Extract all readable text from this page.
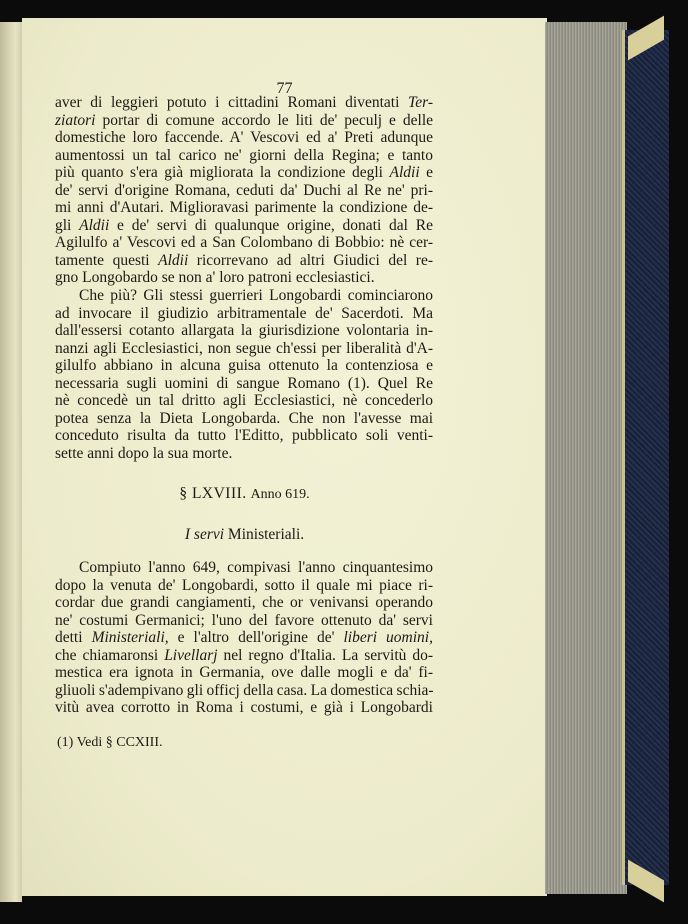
77
aver di leggieri potuto i cittadini Romani diventati Ter-
ziatori portar di comune accordo le liti de' peculj e delle
domestiche loro faccende. A' Vescovi ed a' Preti adunque
aumentossi un tal carico ne' giorni della Regina; e tanto
più quanto s'era già migliorata la condizione degli Aldii e
de' servi d'origine Romana, ceduti da' Duchi al Re ne' pri-
mi anni d'Autari. Miglioravasi parimente la condizione de-
gli Aldii e de' servi di qualunque origine, donati dal Re
Agilulfo a' Vescovi ed a San Colombano di Bobbio: nè cer-
tamente questi Aldii ricorrevano ad altri Giudici del re-
gno Longobardo se non a' loro patroni ecclesiastici.
Che più? Gli stessi guerrieri Longobardi cominciarono
ad invocare il giudizio arbitramentale de' Sacerdoti. Ma
dall'essersi cotanto allargata la giurisdizione volontaria in-
nanzi agli Ecclesiastici, non segue ch'essi per liberalità d'A-
gilulfo abbiano in alcuna guisa ottenuto la contenziosa e
necessaria sugli uomini di sangue Romano (1). Quel Re
nè concedè un tal dritto agli Ecclesiastici, nè concederlo
potea senza la Dieta Longobarda. Che non l'avesse mai
conceduto risulta da tutto l'Editto, pubblicato soli venti-
sette anni dopo la sua morte.
§ LXVIII. Anno 619.
I servi Ministeriali.
Compiuto l'anno 649, compivasi l'anno cinquantesimo
dopo la venuta de' Longobardi, sotto il quale mi piace ri-
cordar due grandi cangiamenti, che or venivansi operando
ne' costumi Germanici; l'uno del favore ottenuto da' servi
detti Ministeriali, e l'altro dell'origine de' liberi uomini,
che chiamaronsi Livellarj nel regno d'Italia. La servitù do-
mestica era ignota in Germania, ove dalle mogli e da' fi-
gliuoli s'adempivano gli officj della casa. La domestica schia-
vitù avea corrotto in Roma i costumi, e già i Longobardi
(1) Vedi § CCXIII.
